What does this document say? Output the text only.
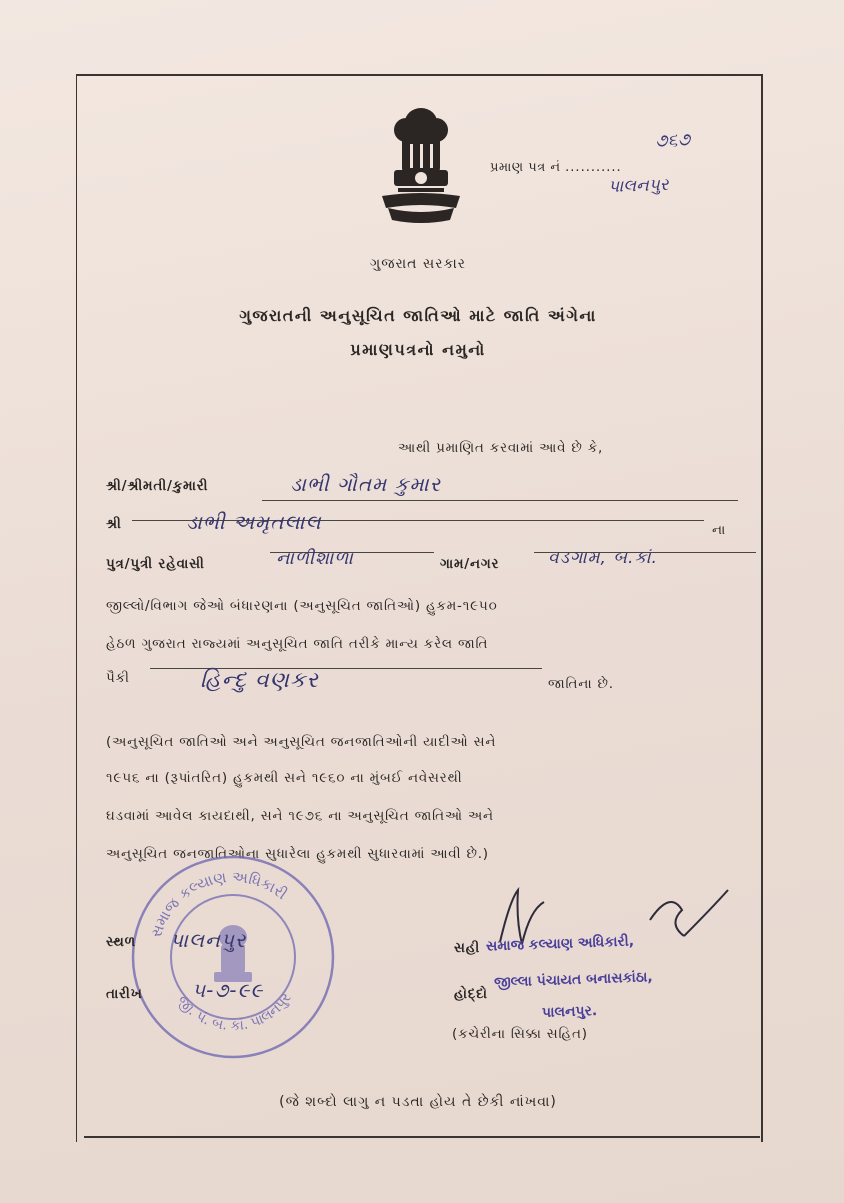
પ્રમાણ પત્ર નં ...........
૭૬૭
પાલનપુર
ગુજરાત સરકાર
ગુજરાતની અનુસૂચિત જાતિઓ માટે જાતિ અંગેના
પ્રમાણપત્રનો નમુનો
આથી પ્રમાણિત કરવામાં આવે છે કે,
શ્રી/શ્રીમતી/કુમારી	ડાભી ગૌતમ કુમાર
શ્રી	ડાભી અમૃતલાલ	ના
પુત્ર/પુત્રી રહેવાસી	નાળીશાળા	ગામ/નગર	વડગામ, બ.કાં.
જીલ્લો/વિભાગ જેઓ બંધારણના (અનુસૂચિત જાતિઓ) હુકમ-૧૯૫૦
હેઠળ ગુજરાત રાજ્યમાં અનુસૂચિત જાતિ તરીકે માન્ય કરેલ જાતિ
પૈકી	હિન્દુ વણકર	જાતિના છે.
(અનુસૂચિત જાતિઓ અને અનુસૂચિત જનજાતિઓની યાદીઓ સને
૧૯૫૬ ના (રૂપાંતરિત) હુકમથી સને ૧૯૬૦ ના મુંબઈ નવેસરથી
ઘડવામાં આવેલ કાયદાથી, સને ૧૯૭૬ ના અનુસૂચિત જાતિઓ અને
અનુસૂચિત જનજાતિઓના સુધારેલા હુકમથી સુધારવામાં આવી છે.)
સમાજ કલ્યાણ અધિકારી
જી. પં. બ. કાં. પાલનપુર
સ્થળ પાલનપુર
તારીખ ૫-૭-૯૯
સહી સમાજ કલ્યાણ અધિકારી,
જીલ્લા પંચાયત બનાસકાંઠા,
હોદ્દો
પાલનપુર.
(કચેરીના સિક્કા સહિત)
(જે શબ્દો લાગુ ન પડતા હોય તે છેકી નાંખવા)
